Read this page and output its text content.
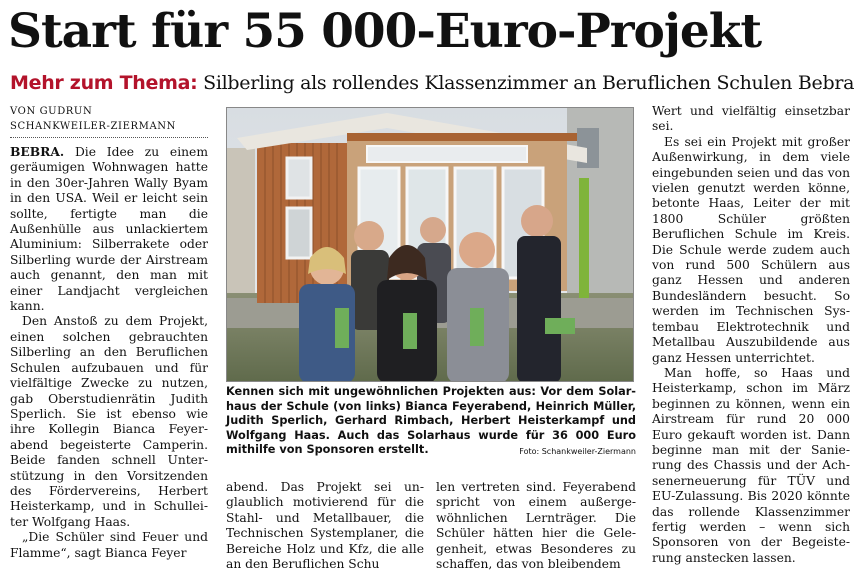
Start für 55 000-Euro-Projekt
Mehr zum Thema: Silberling als rollendes Klassenzimmer an Beruflichen Schulen Bebra
VON GUDRUN
SCHANKWEILER-ZIERMANN

BEBRA. Die Idee zu einem geräumigen Wohnwagen hatte in den 30er-Jahren Wally Byam in den USA. Weil er leicht sein sollte, fertigte man die Außenhülle aus unlackiertem Aluminium: Silberrakete oder Silberling wurde der Airstream auch genannt, den man mit einer Landjacht vergleichen kann.

Den Anstoß zu dem Projekt, einen solchen gebrauchten Silberling an den Beruflichen Schulen aufzubauen und für vielfältige Zwecke zu nutzen, gab Oberstudienrätin Judith Sperlich. Sie ist ebenso wie ihre Kollegin Bianca Feyerabend begeisterte Camperin. Beide fanden schnell Unterstützung in den Vorsitzenden des Fördervereins, Herbert Heisterkamp, und in Schulleiter Wolfgang Haas.

„Die Schüler sind Feuer und Flamme“, sagt Bianca Feyer

Kennen sich mit ungewöhnlichen Projekten aus: Vor dem Solarhaus der Schule (von links) Bianca Feyerabend, Heinrich Müller, Judith Sperlich, Gerhard Rimbach, Herbert Heisterkampf und Wolfgang Haas. Auch das Solarhaus wurde für 36 000 Euro mithilfe von Sponsoren erstellt.	Foto: Schankweiler-Ziermann

abend. Das Projekt sei unglaublich motivierend für die Stahl- und Metallbauer, die Technischen Systemplaner, die Bereiche Holz und Kfz, die alle an den Beruflichen Schu

len vertreten sind. Feyerabend spricht von einem außergewöhnlichen Lernträger. Die Schüler hätten hier die Gelegenheit, etwas Besonderes zu schaffen, das von bleibendem

Wert und vielfältig einsetzbar sei.

Es sei ein Projekt mit großer Außenwirkung, in dem viele eingebunden seien und das von vielen genutzt werden könne, betonte Haas, Leiter der mit 1800 Schüler größten Beruflichen Schule im Kreis. Die Schule werde zudem auch von rund 500 Schülern aus ganz Hessen und anderen Bundesländern besucht. So werden im Technischen Systembau Elektrotechnik und Metallbau Auszubildende aus ganz Hessen unterrichtet.

Man hoffe, so Haas und Heisterkamp, schon im März beginnen zu können, wenn ein Airstream für rund 20 000 Euro gekauft worden ist. Dann beginne man mit der Sanierung des Chassis und der Achsenerneuerung für TÜV und EU-Zulassung. Bis 2020 könnte das rollende Klassenzimmer fertig werden – wenn sich Sponsoren von der Begeisterung anstecken lassen.
